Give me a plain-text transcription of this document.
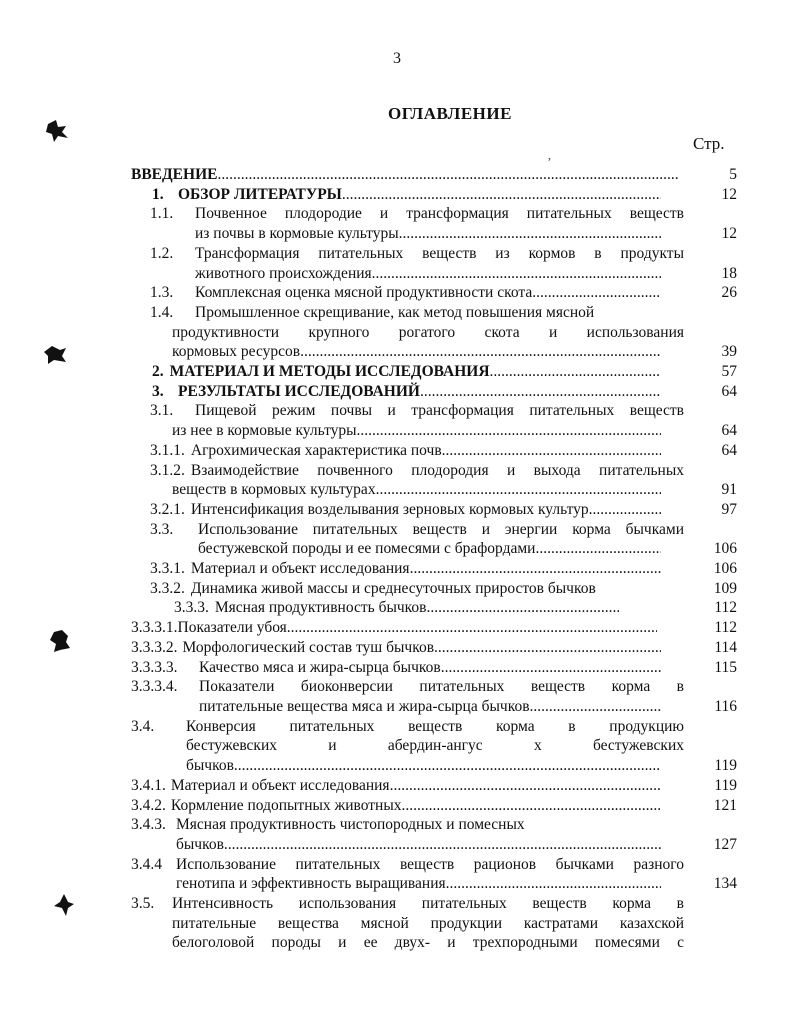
3
ОГЛАВЛЕНИЕ
Стр.
,
ВВЕДЕНИЕ .....	5
1. ОБЗОР ЛИТЕРАТУРЫ .....	12
1.1.	Почвенное плодородие и трансформация питательных веществ
из почвы в кормовые культуры .....	12
1.2.	Трансформация питательных веществ из кормов в продукты
животного происхождения .....	18
1.3.	Комплексная оценка мясной продуктивности скота .....	26
1.4.	Промышленное скрещивание, как метод повышения мясной
продуктивности крупного рогатого скота и использования
кормовых ресурсов .....	39
2. МАТЕРИАЛ И МЕТОДЫ ИССЛЕДОВАНИЯ .....	57
3. РЕЗУЛЬТАТЫ ИССЛЕДОВАНИЙ .....	64
3.1.	Пищевой режим почвы и трансформация питательных веществ
из нее в кормовые культуры .....	64
3.1.1. Агрохимическая характеристика почв .....	64
3.1.2. Взаимодействие почвенного плодородия и выхода питательных
веществ в кормовых культурах .....	91
3.2.1. Интенсификация возделывания зерновых кормовых культур .....	97
3.3.	Использование питательных веществ и энергии корма бычками
бестужевской породы и ее помесями с брафордами .....	106
3.3.1. Материал и объект исследования .....	106
3.3.2. Динамика живой массы и среднесуточных приростов бычков	109
3.3.3. Мясная продуктивность бычков .....	112
3.3.3.1. Показатели убоя .....	112
3.3.3.2. Морфологический состав туш бычков .....	114
3.3.3.3.	Качество мяса и жира-сырца бычков .....	115
3.3.3.4.	Показатели биоконверсии питательных веществ корма в
питательные вещества мяса и жира-сырца бычков .....	116
3.4.	Конверсия питательных веществ корма в продукцию
бестужевских и абердин-ангус х бестужевских
бычков .....	119
3.4.1. Материал и объект исследования .....	119
3.4.2. Кормление подопытных животных .....	121
3.4.3. Мясная продуктивность чистопородных и помесных
бычков .....	127
3.4.4 Использование питательных веществ рационов бычками разного
генотипа и эффективность выращивания .....	134
3.5.	Интенсивность использования питательных веществ корма в
питательные вещества мясной продукции кастратами казахской
белоголовой породы и ее двух- и трехпородными помесями с
